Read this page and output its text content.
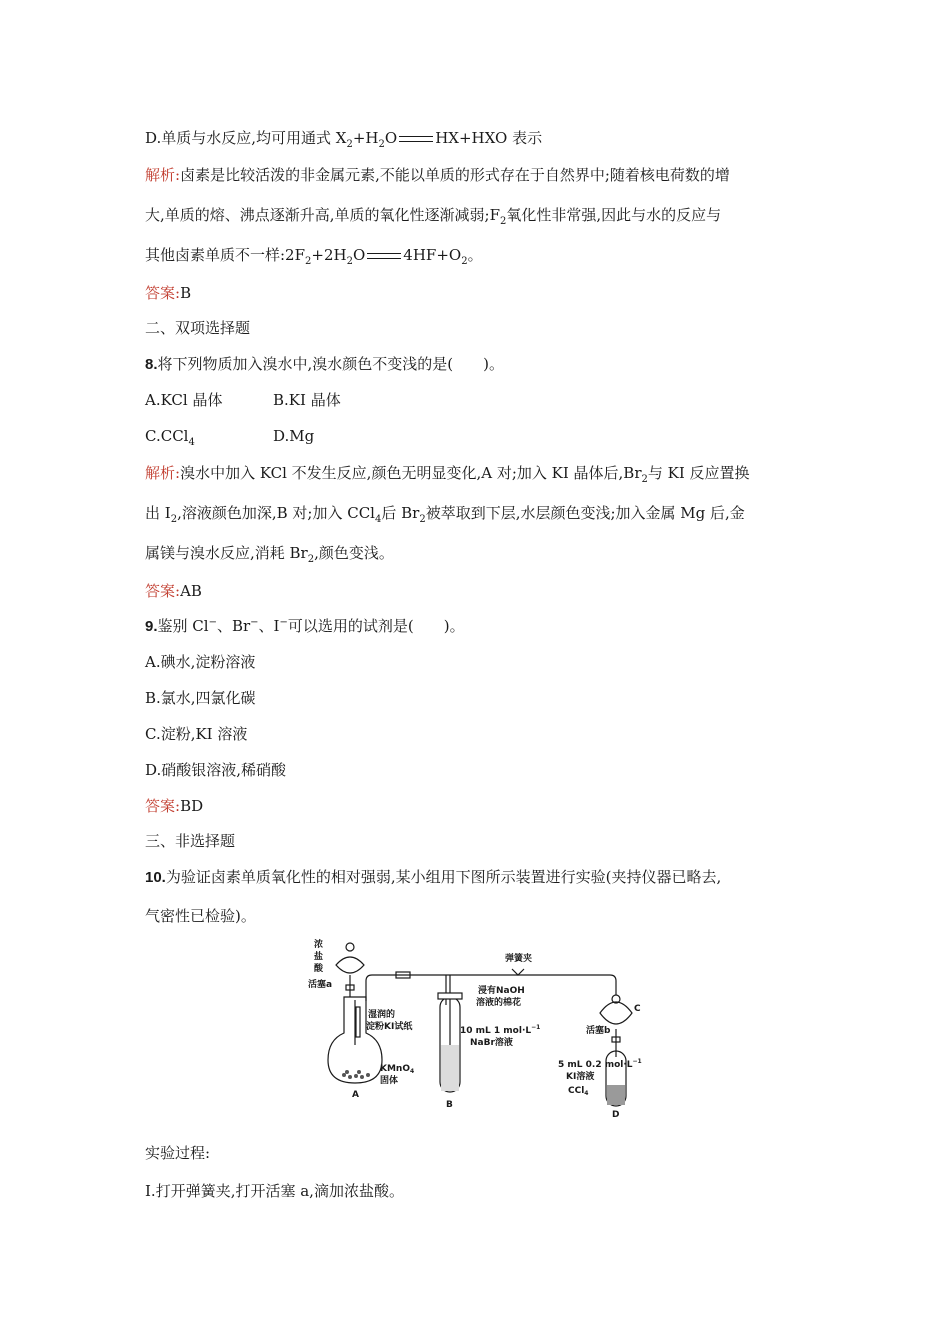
D.单质与水反应,均可用通式 $X_2+H_2O$	HX+HXO 表示
解析:卤素是比较活泼的非金属元素,不能以单质的形式存在于自然界中;随着核电荷数的增
大,单质的熔、沸点逐渐升高,单质的氧化性逐渐减弱$;F_2$氧化性非常强,因此与水的反应与
其他卤素单质不一样$:2F_2+2H_2O$	$4HF+O_2$。
答案:B
二、双项选择题
8.将下列物质加入溴水中,溴水颜色不变浅的是(　　)。
A.KCl 晶体	B.KI 晶体
C.CCl$_4$	D.Mg
解析:溴水中加入 KCl 不发生反应,颜色无明显变化,A 对;加入 KI 晶体后$,Br_2$与 KI 反应置换
出 $I_2$,溶液颜色加深,B 对;加入 CCl$_4$后 $Br_2$被萃取到下层,水层颜色变浅;加入金属 Mg 后,金
属镁与溴水反应,消耗 $Br_2$,颜色变浅。
答案:AB
9.鉴别 Cl−、Br−、I−可以选用的试剂是(　　)。
A.碘水,淀粉溶液
B.氯水,四氯化碳
C.淀粉,KI 溶液
D.硝酸银溶液,稀硝酸
答案:BD
三、非选择题
10.为验证卤素单质氧化性的相对强弱,某小组用下图所示装置进行实验(夹持仪器已略去,
气密性已检验)。
浓
盐
酸
活塞a
湿润的
淀粉KI试纸
KMnO$_4$
固体
A
弹簧夹
浸有NaOH
溶液的棉花
10 mL 1 $mol\cdot L^{-1}$
NaBr溶液
B
C
活塞b
5 mL 0.2 $mol\cdot L^{-1}$
KI溶液
CCl$_4$
D
实验过程:
Ⅰ.打开弹簧夹,打开活塞 a,滴加浓盐酸。
